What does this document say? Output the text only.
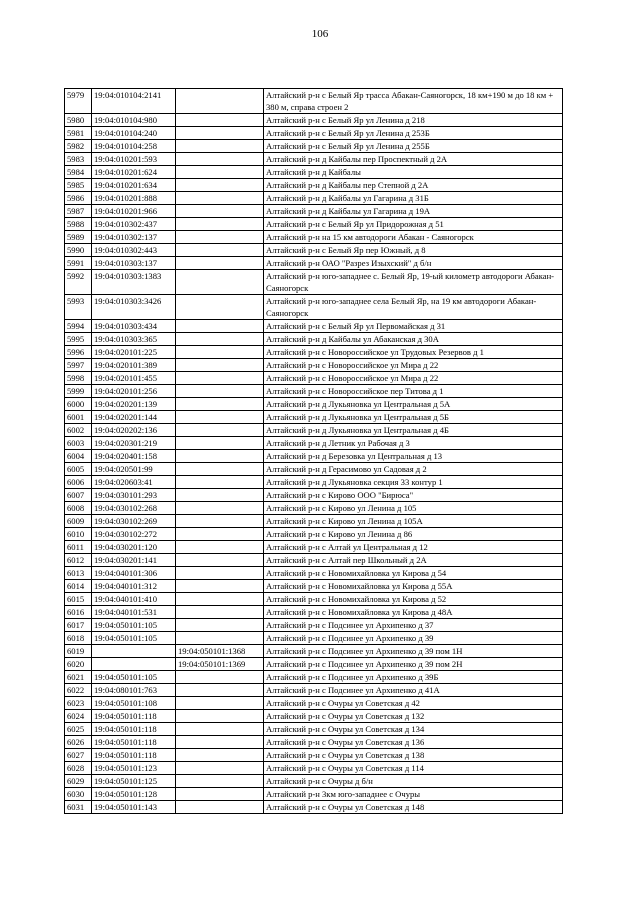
106
5979	19:04:010104:2141		Алтайский р-н с Белый Яр трасса Абакан-Саяногорск, 18 км+190 м до 18 км + 380 м, справа строен 2
5980	19:04:010104:980		Алтайский р-н с Белый Яр ул Ленина д 218
5981	19:04:010104:240		Алтайский р-н с Белый Яр ул Ленина д 253Б
5982	19:04:010104:258		Алтайский р-н с Белый Яр ул Ленина д 255Б
5983	19:04:010201:593		Алтайский р-н д Кайбалы пер Проспектный д 2А
5984	19:04:010201:624		Алтайский р-н д Кайбалы
5985	19:04:010201:634		Алтайский р-н д Кайбалы пер Степной д 2А
5986	19:04:010201:888		Алтайский р-н д Кайбалы ул Гагарина д 31Б
5987	19:04:010201:966		Алтайский р-н д Кайбалы ул Гагарина д 19А
5988	19:04:010302:437		Алтайский р-н с Белый Яр ул Придорожная д 51
5989	19:04:010302:137		Алтайский р-н на 15 км автодороги Абакан - Саяногорск
5990	19:04:010302:443		Алтайский р-н с Белый Яр пер Южный, д 8
5991	19:04:010303:137		Алтайский р-н ОАО "Разрез Изыхский" д б/н
5992	19:04:010303:1383		Алтайский р-н юго-западнее с. Белый Яр, 19-ый километр автодороги Абакан-Саяногорск
5993	19:04:010303:3426		Алтайский р-н юго-западнее села Белый Яр, на 19 км автодороги Абакан-Саяногорск
5994	19:04:010303:434		Алтайский р-н с Белый Яр ул Первомайская д 31
5995	19:04:010303:365		Алтайский р-н д Кайбалы ул Абаканская д 30А
5996	19:04:020101:225		Алтайский р-н с Новороссийское ул Трудовых Резервов д 1
5997	19:04:020101:389		Алтайский р-н с Новороссийское ул Мира д 22
5998	19:04:020101:455		Алтайский р-н с Новороссийское ул Мира д 22
5999	19:04:020101:256		Алтайский р-н с Новороссийское пер Титова д 1
6000	19:04:020201:139		Алтайский р-н д Лукьяновка ул Центральная д 5А
6001	19:04:020201:144		Алтайский р-н д Лукьяновка ул Центральная д 5Б
6002	19:04:020202:136		Алтайский р-н д Лукьяновка ул Центральная д 4Б
6003	19:04:020301:219		Алтайский р-н д Летник ул Рабочая д 3
6004	19:04:020401:158		Алтайский р-н д Березовка ул Центральная д 13
6005	19:04:020501:99		Алтайский р-н д Герасимово ул Садовая д 2
6006	19:04:020603:41		Алтайский р-н д Лукьяновка секция 33 контур 1
6007	19:04:030101:293		Алтайский р-н с Кирово ООО "Бирюса"
6008	19:04:030102:268		Алтайский р-н с Кирово ул Ленина д 105
6009	19:04:030102:269		Алтайский р-н с Кирово ул Ленина д 105А
6010	19:04:030102:272		Алтайский р-н с Кирово ул Ленина д 86
6011	19:04:030201:120		Алтайский р-н с Алтай ул Центральная д 12
6012	19:04:030201:141		Алтайский р-н с Алтай пер Школьный д 2А
6013	19:04:040101:306		Алтайский р-н с Новомихайловка ул Кирова д 54
6014	19:04:040101:312		Алтайский р-н с Новомихайловка ул Кирова д 55А
6015	19:04:040101:410		Алтайский р-н с Новомихайловка ул Кирова д 52
6016	19:04:040101:531		Алтайский р-н с Новомихайловка ул Кирова д 48А
6017	19:04:050101:105		Алтайский р-н с Подсинее ул Архипенко д 37
6018	19:04:050101:105		Алтайский р-н с Подсинее ул Архипенко д 39
6019		19:04:050101:1368	Алтайский р-н с Подсинее ул Архипенко д 39 пом 1Н
6020		19:04:050101:1369	Алтайский р-н с Подсинее ул Архипенко д 39 пом 2Н
6021	19:04:050101:105		Алтайский р-н с Подсинее ул Архипенко д 39Б
6022	19:04:080101:763		Алтайский р-н с Подсинее ул Архипенко д 41А
6023	19:04:050101:108		Алтайский р-н с Очуры ул Советская д 42
6024	19:04:050101:118		Алтайский р-н с Очуры ул Советская д 132
6025	19:04:050101:118		Алтайский р-н с Очуры ул Советская д 134
6026	19:04:050101:118		Алтайский р-н с Очуры ул Советская д 136
6027	19:04:050101:118		Алтайский р-н с Очуры ул Советская д 138
6028	19:04:050101:123		Алтайский р-н с Очуры ул Советская д 114
6029	19:04:050101:125		Алтайский р-н с Очуры д б/н
6030	19:04:050101:128		Алтайский р-н 3км юго-западнее с Очуры
6031	19:04:050101:143		Алтайский р-н с Очуры ул Советская д 148
